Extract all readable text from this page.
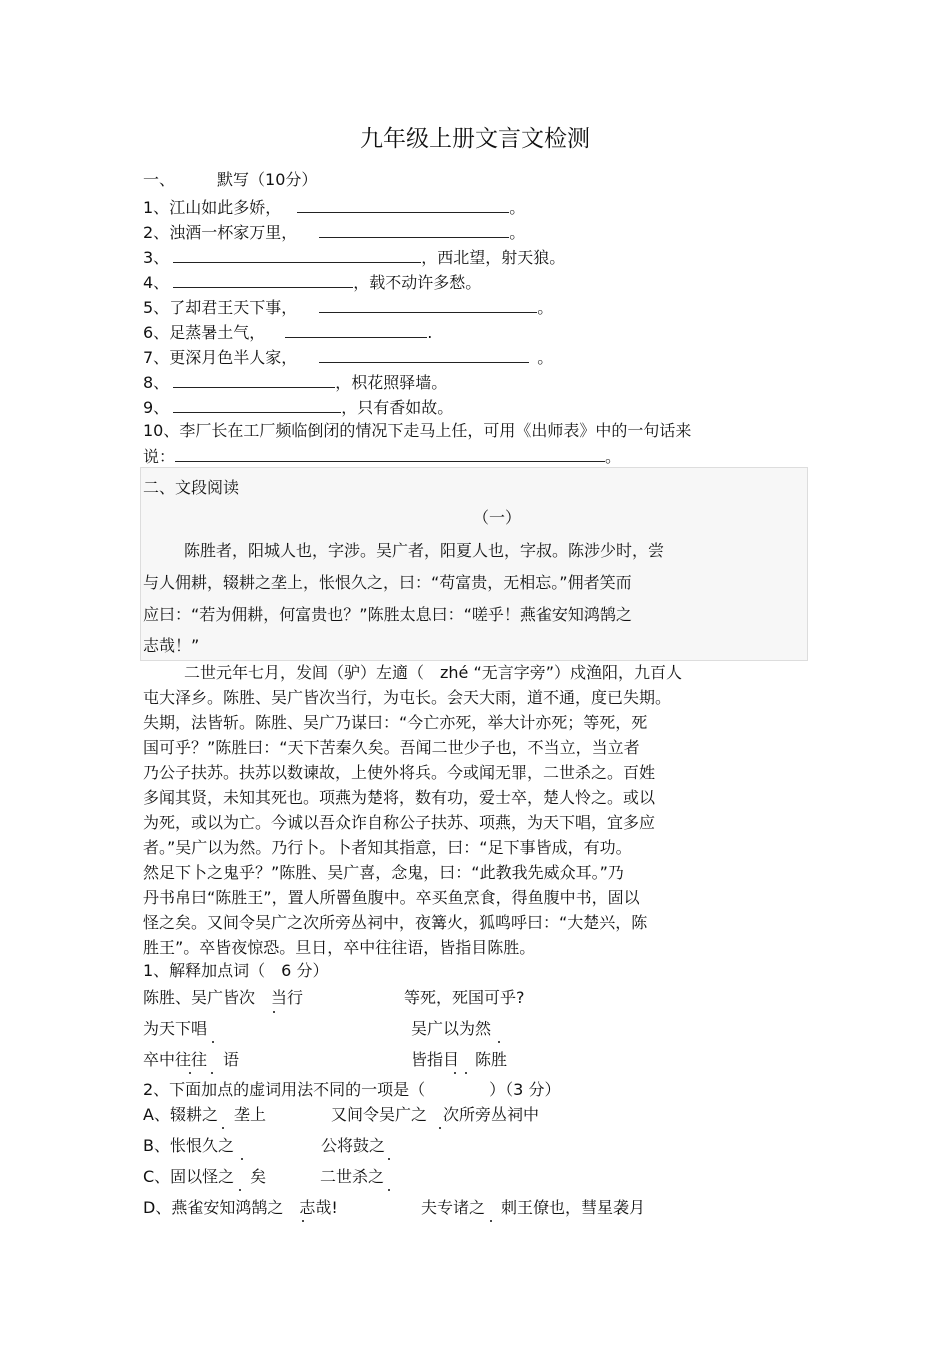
九年级上册文言文检测
一、	默写（10分）
1、江山如此多娇，	。
2、浊酒一杯家万里，	。
3、	，西北望，射天狼。
4、	，载不动许多愁。
5、了却君王天下事，	。
6、足蒸暑土气，	.
7、更深月色半人家，	。
8、	，枳花照驿墙。
9、	，只有香如故。
10、李厂长在工厂频临倒闭的情况下走马上任，可用《出师表》中的一句话来
说：	。
二、文段阅读
（一）
陈胜者，阳城人也，字涉。吴广者，阳夏人也，字叔。陈涉少时，尝
与人佣耕，辍耕之垄上，怅恨久之，曰：“苟富贵，无相忘。”佣者笑而
应曰：“若为佣耕，何富贵也？”陈胜太息曰：“嗟乎！燕雀安知鸿鹄之
志哉！”
二世元年七月，发闾（驴）左適（　zhé “无言字旁”）戍渔阳，九百人
屯大泽乡。陈胜、吴广皆次当行，为屯长。会天大雨，道不通，度已失期。
失期，法皆斩。陈胜、吴广乃谋曰：“今亡亦死，举大计亦死；等死，死
国可乎？”陈胜曰：“天下苦秦久矣。吾闻二世少子也，不当立，当立者
乃公子扶苏。扶苏以数谏故，上使外将兵。今或闻无罪，二世杀之。百姓
多闻其贤，未知其死也。项燕为楚将，数有功，爱士卒，楚人怜之。或以
为死，或以为亡。今诚以吾众诈自称公子扶苏、项燕，为天下唱，宜多应
者。”吴广以为然。乃行卜。卜者知其指意，曰：“足下事皆成，有功。
然足下卜之鬼乎？”陈胜、吴广喜，念鬼，曰：“此教我先威众耳。”乃
丹书帛曰“陈胜王”，置人所罾鱼腹中。卒买鱼烹食，得鱼腹中书，固以
怪之矣。又间令吴广之次所旁丛祠中，夜篝火，狐鸣呼曰：“大楚兴，陈
胜王”。卒皆夜惊恐。旦日，卒中往往语，皆指目陈胜。
1、解释加点词（　6 分）
陈胜、吴广皆次　当行	等死，死国可乎?
为天下唱	吴广以为然
卒中往往　语	皆指目　陈胜
2、下面加点的虚词用法不同的一项是（　　　　）（3 分）
A、辍耕之　垄上	又间令吴广之　次所旁丛祠中
B、怅恨久之	公将鼓之
C、固以怪之　矣	二世杀之
D、燕雀安知鸿鹄之　志哉!	夫专诸之　刺王僚也，彗星袭月
